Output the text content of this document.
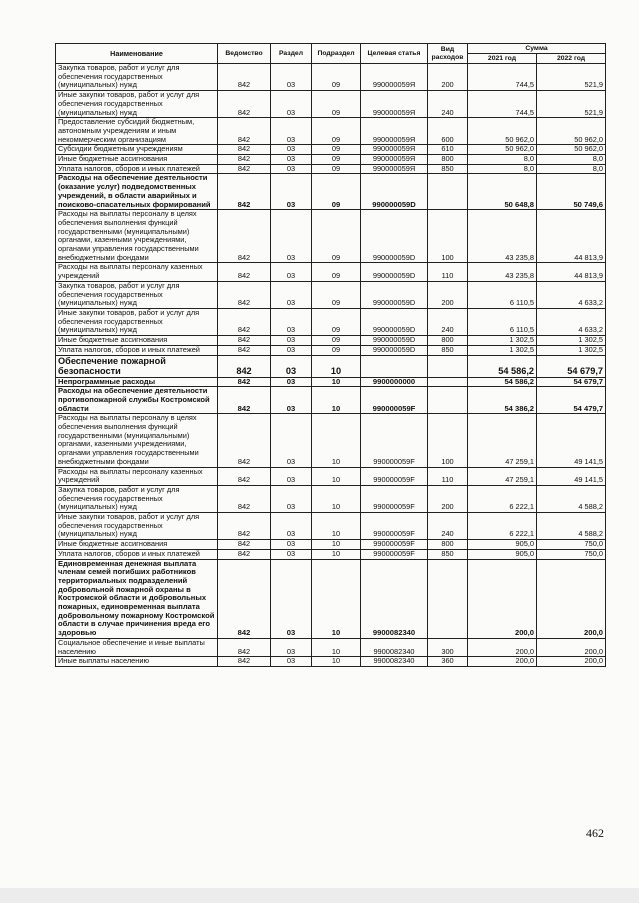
Наименование	Ведомство	Раздел	Подраздел	Целевая статья	Вид расходов	Сумма	
						2021 год	2022 год
Закупка товаров, работ и услуг для обеспечения государственных (муниципальных) нужд	842	03	09	990000059Я	200	744,5	521,9
Иные закупки товаров, работ и услуг для обеспечения государственных (муниципальных) нужд	842	03	09	990000059Я	240	744,5	521,9
Предоставление субсидий бюджетным, автономным учреждениям и иным некоммерческим организациям	842	03	09	990000059Я	600	50 962,0	50 962,0
Субсидии бюджетным учреждениям	842	03	09	990000059Я	610	50 962,0	50 962,0
Иные бюджетные ассигнования	842	03	09	990000059Я	800	8,0	8,0
Уплата налогов, сборов и иных платежей	842	03	09	990000059Я	850	8,0	8,0
Расходы на обеспечение деятельности (оказание услуг) подведомственных учреждений, в области аварийных и поисково-спасательных формирований	842	03	09	990000059D		50 648,8	50 749,6
Расходы на выплаты персоналу в целях обеспечения выполнения функций государственными (муниципальными) органами, казенными учреждениями, органами управления государственными внебюджетными фондами	842	03	09	990000059D	100	43 235,8	44 813,9
Расходы на выплаты персоналу казенных учреждений	842	03	09	990000059D	110	43 235,8	44 813,9
Закупка товаров, работ и услуг для обеспечения государственных (муниципальных) нужд	842	03	09	990000059D	200	6 110,5	4 633,2
Иные закупки товаров, работ и услуг для обеспечения государственных (муниципальных) нужд	842	03	09	990000059D	240	6 110,5	4 633,2
Иные бюджетные ассигнования	842	03	09	990000059D	800	1 302,5	1 302,5
Уплата налогов, сборов и иных платежей	842	03	09	990000059D	850	1 302,5	1 302,5
Обеспечение пожарной безопасности	842	03	10			54 586,2	54 679,7
Непрограммные расходы	842	03	10	9900000000		54 586,2	54 679,7
Расходы на обеспечение деятельности противопожарной службы Костромской области	842	03	10	990000059F		54 386,2	54 479,7
Расходы на выплаты персоналу в целях обеспечения выполнения функций государственными (муниципальными) органами, казенными учреждениями, органами управления государственными внебюджетными фондами	842	03	10	990000059F	100	47 259,1	49 141,5
Расходы на выплаты персоналу казенных учреждений	842	03	10	990000059F	110	47 259,1	49 141,5
Закупка товаров, работ и услуг для обеспечения государственных (муниципальных) нужд	842	03	10	990000059F	200	6 222,1	4 588,2
Иные закупки товаров, работ и услуг для обеспечения государственных (муниципальных) нужд	842	03	10	990000059F	240	6 222,1	4 588,2
Иные бюджетные ассигнования	842	03	10	990000059F	800	905,0	750,0
Уплата налогов, сборов и иных платежей	842	03	10	990000059F	850	905,0	750,0
Единовременная денежная выплата членам семей погибших работников территориальных подразделений добровольной пожарной охраны в Костромской области и добровольных пожарных, единовременная выплата добровольному пожарному Костромской области в случае причинения вреда его здоровью	842	03	10	9900082340		200,0	200,0
Социальное обеспечение и иные выплаты населению	842	03	10	9900082340	300	200,0	200,0
Иные выплаты населению	842	03	10	9900082340	360	200,0	200,0
462
